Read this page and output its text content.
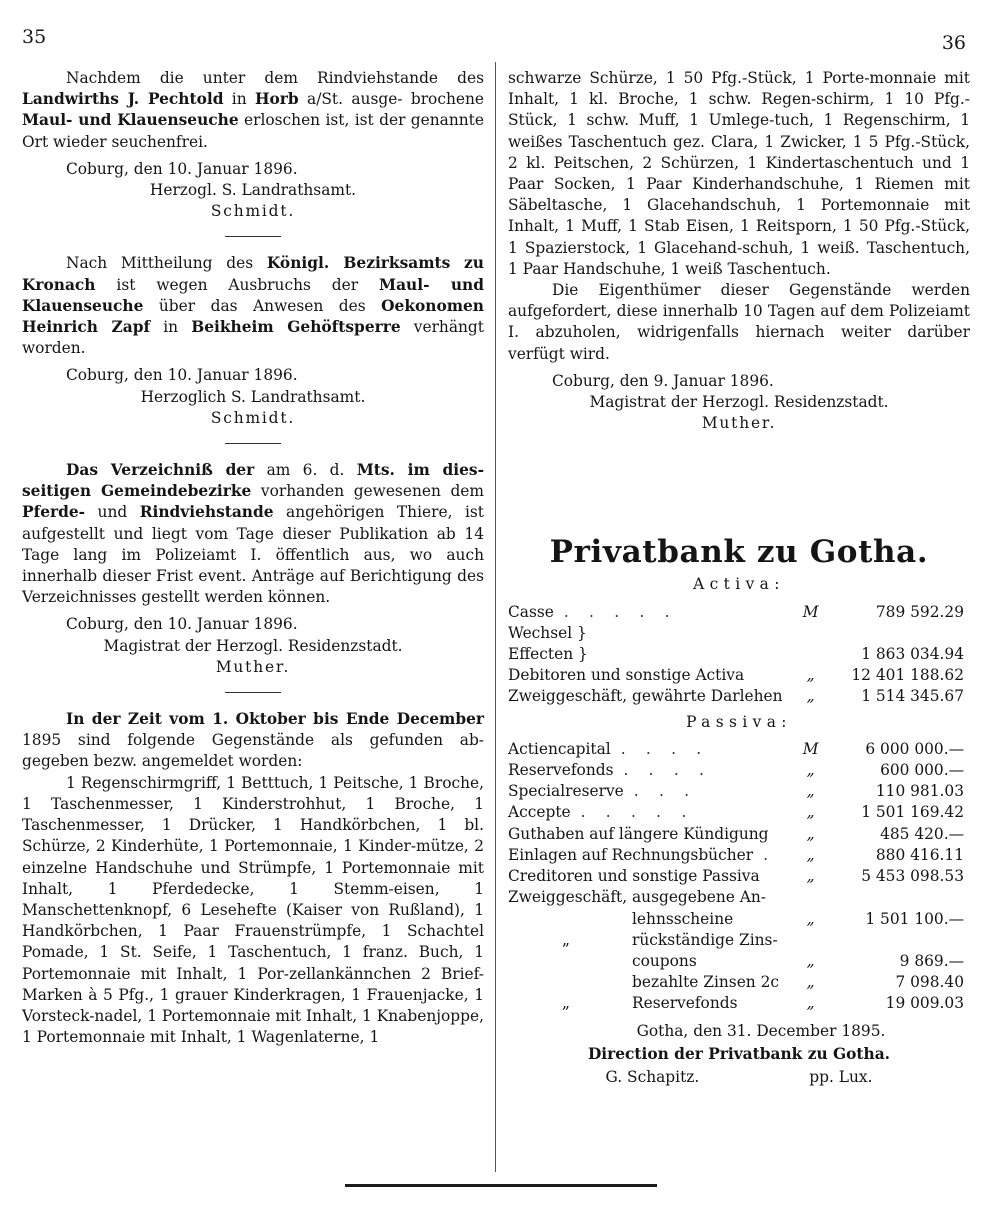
35	36

Nachdem die unter dem Rindviehstande des Landwirths J. Pechtold in Horb a/St. ausge- brochene Maul- und Klauenseuche erloschen ist, ist der genannte Ort wieder seuchenfrei.

Coburg, den 10. Januar 1896.

Herzogl. S. Landrathsamt.

Schmidt.

Nach Mittheilung des Königl. Bezirksamts zu Kronach ist wegen Ausbruchs der Maul- und Klauenseuche über das Anwesen des Oekonomen Heinrich Zapf in Beikheim Gehöftsperre verhängt worden.

Coburg, den 10. Januar 1896.

Herzoglich S. Landrathsamt.

Schmidt.

Das Verzeichniß der am 6. d. Mts. im dies- seitigen Gemeindebezirke vorhanden gewesenen dem Pferde- und Rindviehstande angehörigen Thiere, ist aufgestellt und liegt vom Tage dieser Publikation ab 14 Tage lang im Polizeiamt I. öffentlich aus, wo auch innerhalb dieser Frist event. Anträge auf Berichtigung des Verzeichnisses gestellt werden können.

Coburg, den 10. Januar 1896.

Magistrat der Herzogl. Residenzstadt.

Muther.

In der Zeit vom 1. Oktober bis Ende December 1895 sind folgende Gegenstände als gefunden ab- gegeben bezw. angemeldet worden:

1 Regenschirmgriff, 1 Betttuch, 1 Peitsche, 1 Broche, 1 Taschenmesser, 1 Kinderstrohhut, 1 Broche, 1 Taschenmesser, 1 Drücker, 1 Handkörbchen, 1 bl. Schürze, 2 Kinderhüte, 1 Portemonnaie, 1 Kinder-mütze, 2 einzelne Handschuhe und Strümpfe, 1 Portemonnaie mit Inhalt, 1 Pferdedecke, 1 Stemm-eisen, 1 Manschettenknopf, 6 Lesehefte (Kaiser von Rußland), 1 Handkörbchen, 1 Paar Frauenstrümpfe, 1 Schachtel Pomade, 1 St. Seife, 1 Taschentuch, 1 franz. Buch, 1 Portemonnaie mit Inhalt, 1 Por-zellankännchen 2 Brief-Marken à 5 Pfg., 1 grauer Kinderkragen, 1 Frauenjacke, 1 Vorsteck-nadel, 1 Portemonnaie mit Inhalt, 1 Knabenjoppe, 1 Portemonnaie mit Inhalt, 1 Wagenlaterne, 1

schwarze Schürze, 1 50 Pfg.-Stück, 1 Porte-monnaie mit Inhalt, 1 kl. Broche, 1 schw. Regen-schirm, 1 10 Pfg.-Stück, 1 schw. Muff, 1 Umlege-tuch, 1 Regenschirm, 1 weißes Taschentuch gez. Clara, 1 Zwicker, 1 5 Pfg.-Stück, 2 kl. Peitschen, 2 Schürzen, 1 Kindertaschentuch und 1 Paar Socken, 1 Paar Kinderhandschuhe, 1 Riemen mit Säbeltasche, 1 Glacehandschuh, 1 Portemonnaie mit Inhalt, 1 Muff, 1 Stab Eisen, 1 Reitsporn, 1 50 Pfg.-Stück, 1 Spazierstock, 1 Glacehand-schuh, 1 weiß. Taschentuch, 1 Paar Handschuhe, 1 weiß Taschentuch.

Die Eigenthümer dieser Gegenstände werden aufgefordert, diese innerhalb 10 Tagen auf dem Polizeiamt I. abzuholen, widrigenfalls hiernach weiter darüber verfügt wird.

Coburg, den 9. Januar 1896.

Magistrat der Herzogl. Residenzstadt.

Muther.

Privatbank zu Gotha.
Activa:
Casse . . . . .	M	789 592.29
Wechsel }		
Effecten }		1 863 034.94
Debitoren und sonstige Activa	„	12 401 188.62
Zweiggeschäft, gewährte Darlehen	„	1 514 345.67
Passiva:
Actiencapital . . . .	M	6 000 000.—
Reservefonds . . . .	„	600 000.—
Specialreserve . . .	„	110 981.03
Accepte . . . . .	„	1 501 169.42
Guthaben auf längere Kündigung	„	485 420.—
Einlagen auf Rechnungsbücher .	„	880 416.11
Creditoren und sonstige Passiva	„	5 453 098.53
Zweiggeschäft, ausgegebene An-		
lehnsscheine	„	1 501 100.—
„ rückständige Zins-		
coupons	„	9 869.—
bezahlte Zinsen 2c	„	7 098.40
„ Reservefonds	„	19 009.03

Gotha, den 31. December 1895.

Direction der Privatbank zu Gotha.

G. Schapitz.	pp. Lux.
